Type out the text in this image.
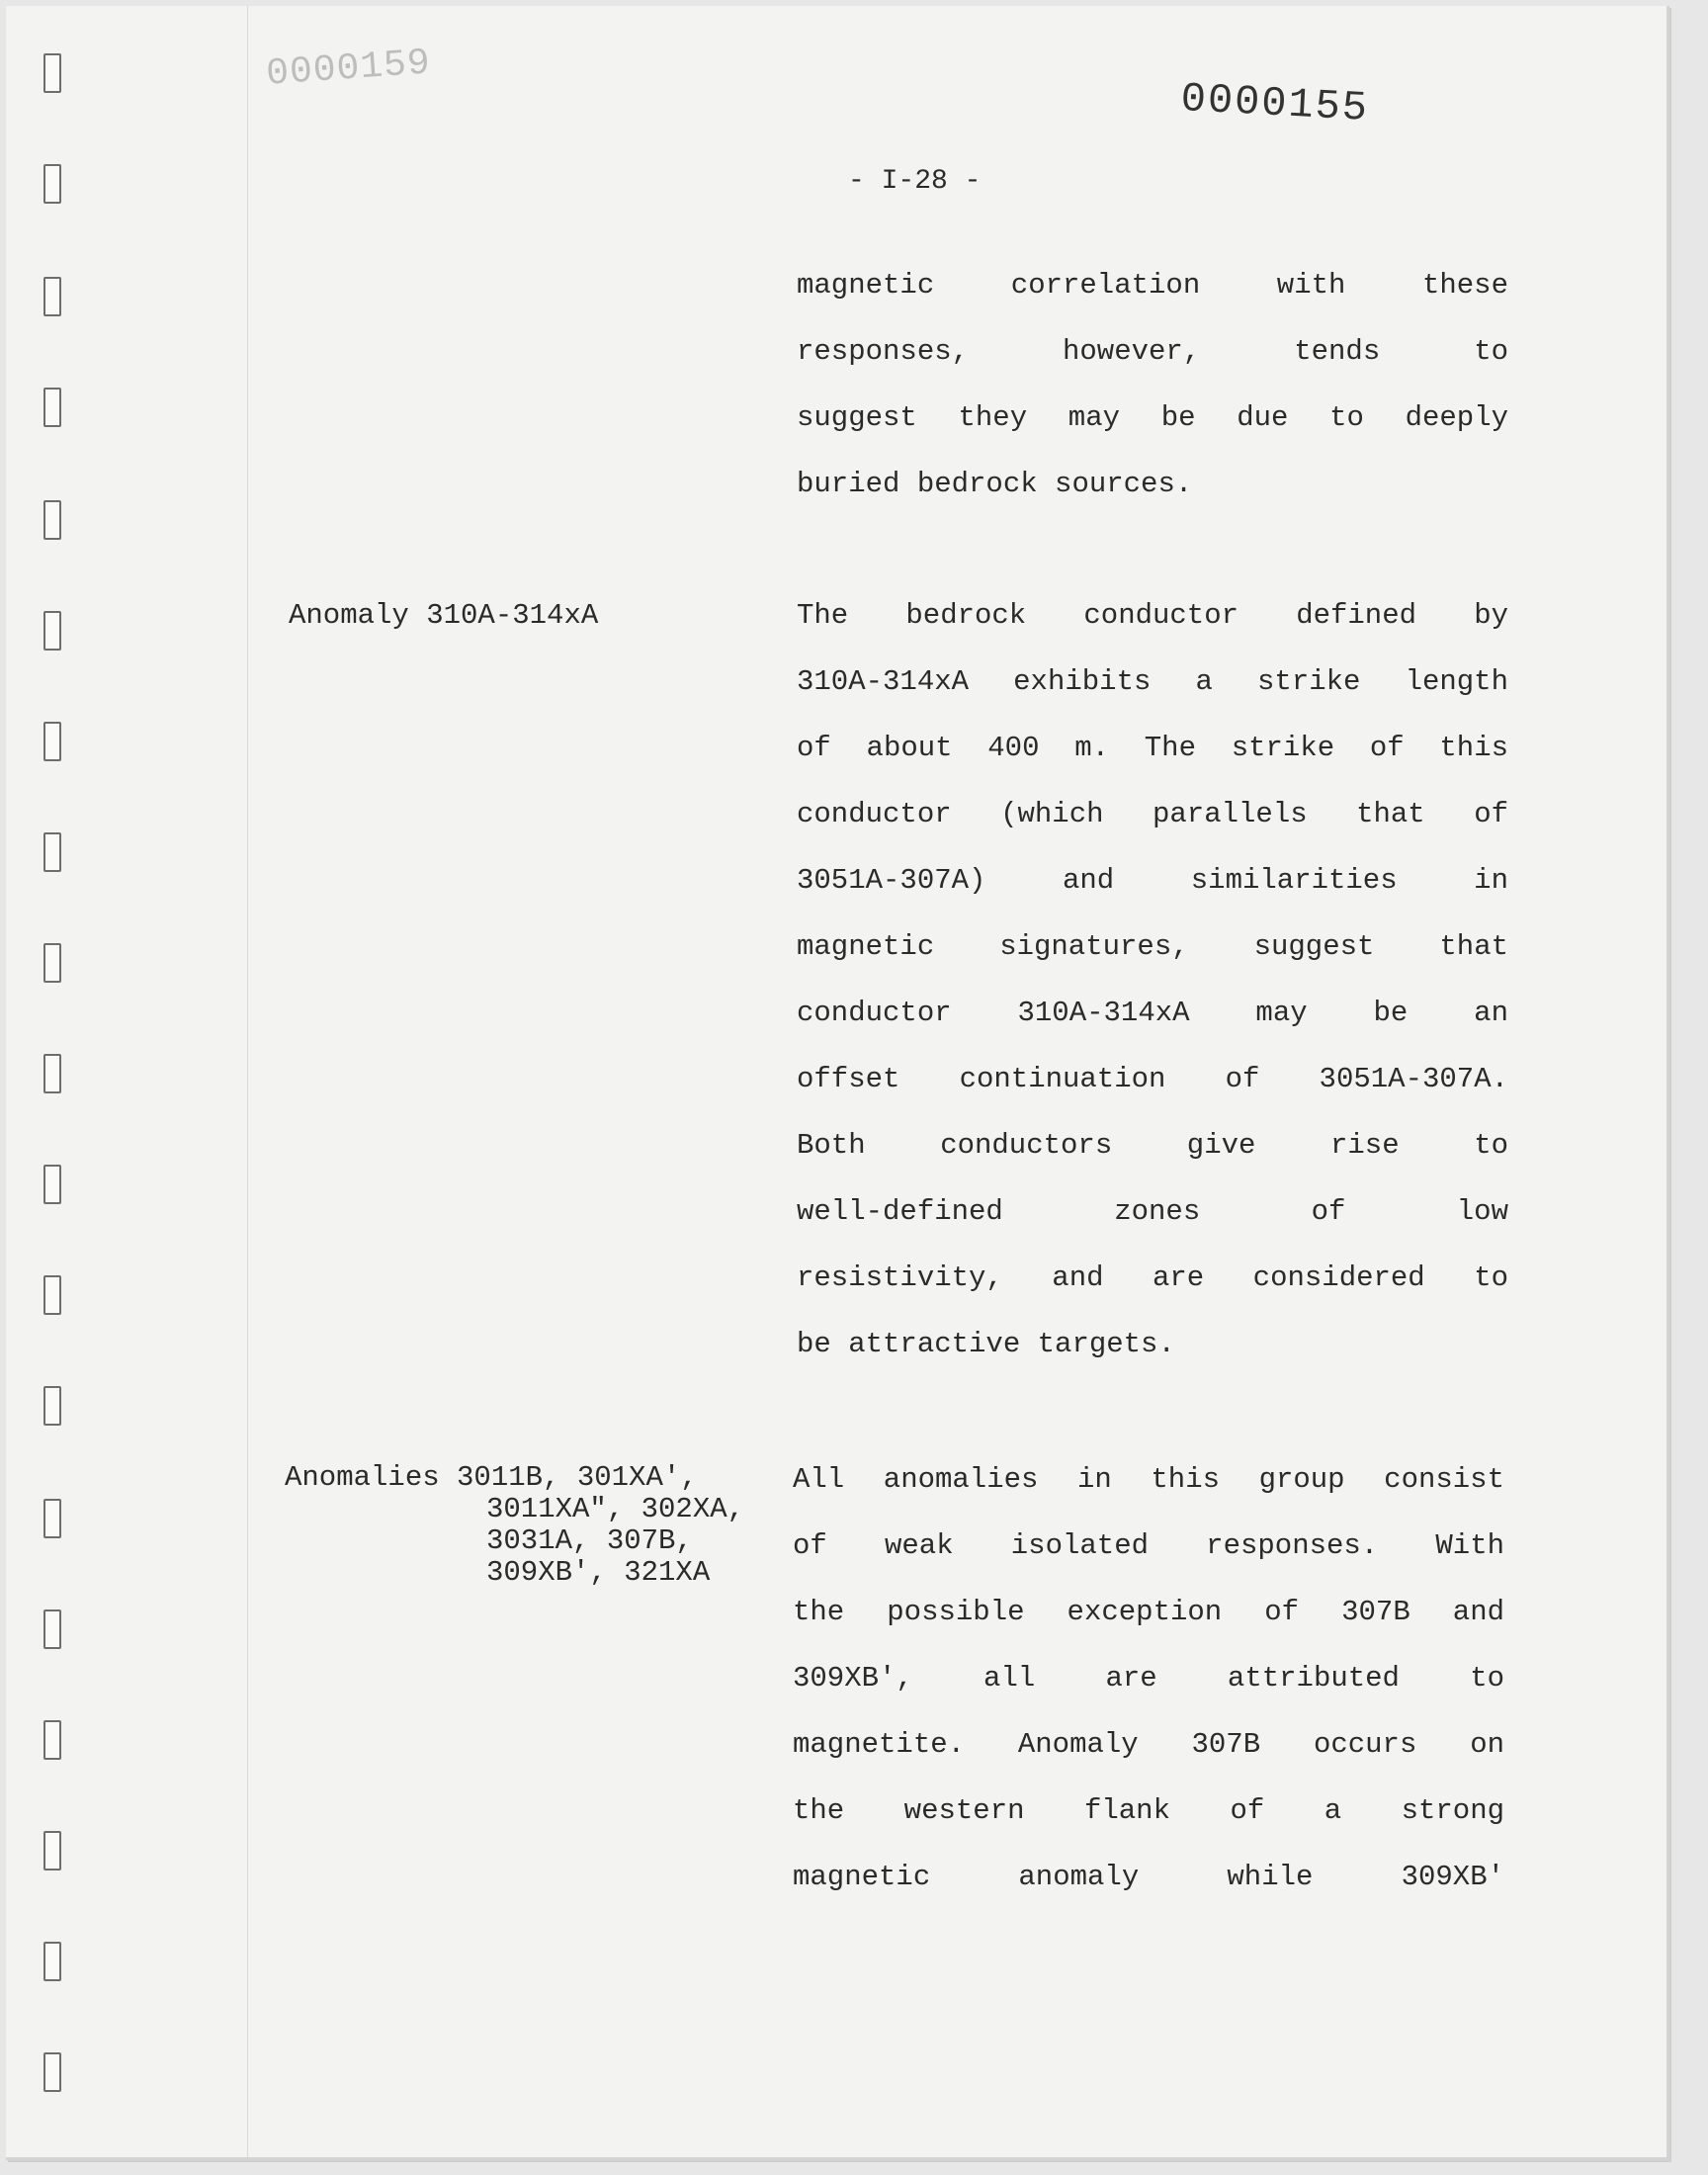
0000159
0000155
- I-28 -
magnetic correlation with these
responses, however, tends to
suggest they may be due to deeply
buried bedrock sources.
Anomaly 310A-314xA	The bedrock conductor defined by
310A-314xA exhibits a strike length
of about 400 m. The strike of this
conductor (which parallels that of
3051A-307A) and similarities in
magnetic signatures, suggest that
conductor 310A-314xA may be an
offset continuation of 3051A-307A.
Both conductors give rise to
well-defined zones of low
resistivity, and are considered to
be attractive targets.
Anomalies 3011B, 301XA',
3011XA", 302XA,
3031A, 307B,
309XB', 321XA
All anomalies in this group consist
of weak isolated responses. With
the possible exception of 307B and
309XB', all are attributed to
magnetite. Anomaly 307B occurs on
the western flank of a strong
magnetic anomaly while 309XB'
